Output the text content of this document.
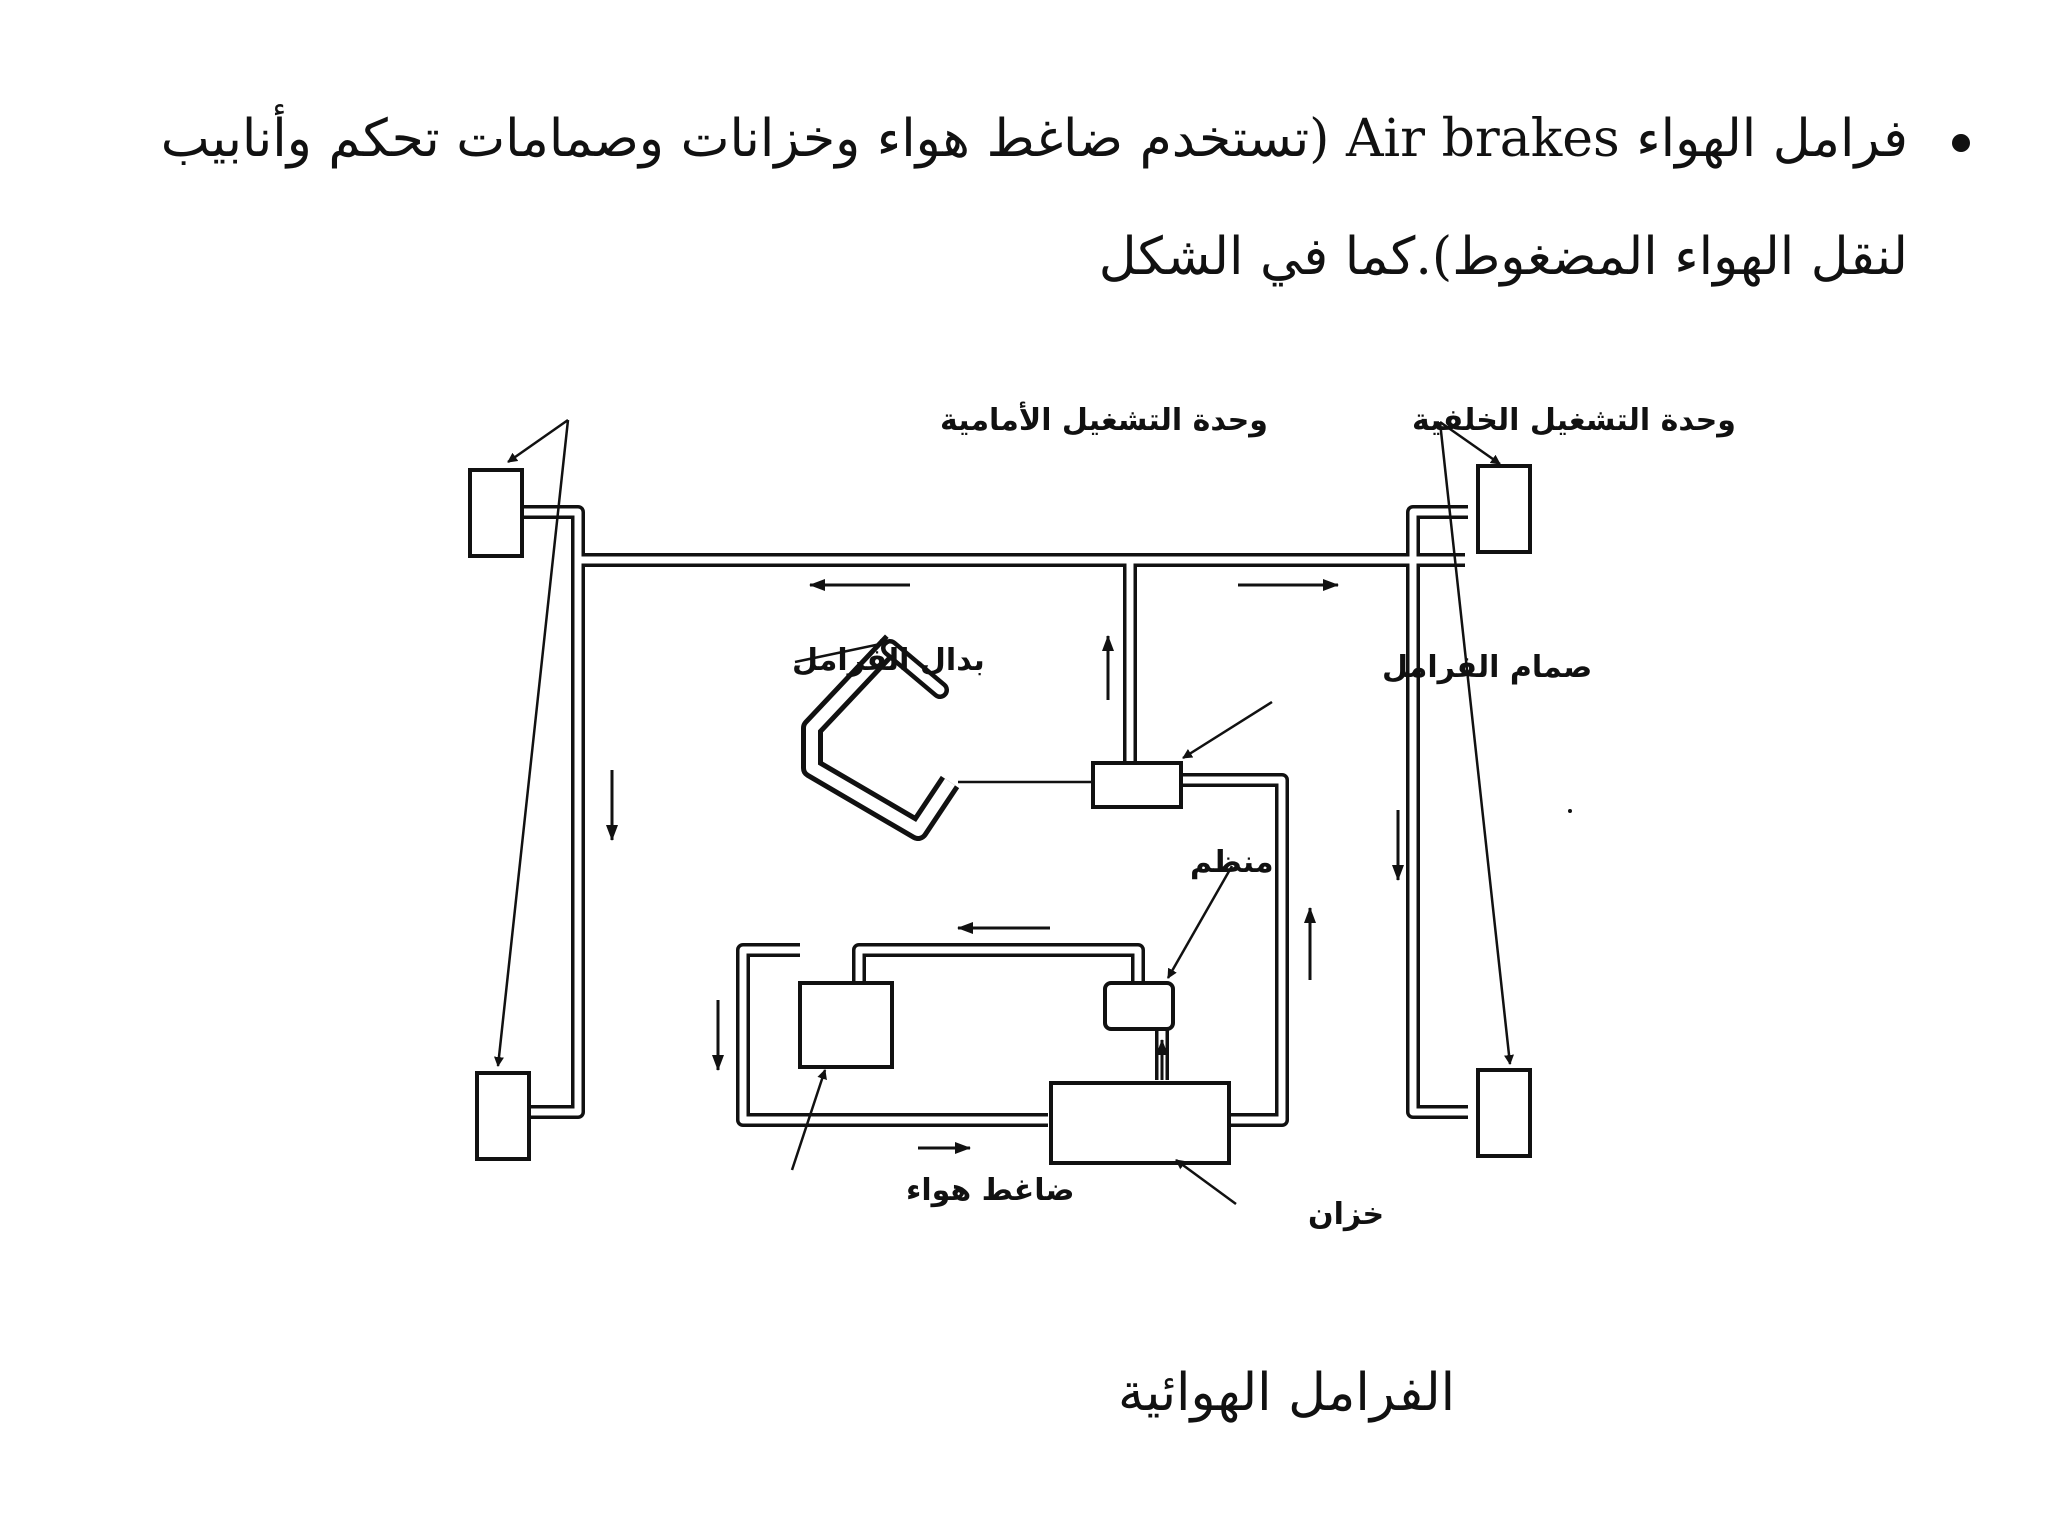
فرامل الهواء Air brakes (تستخدم ضاغط هواء وخزانات وصمامات تحكم وأنابيب
لنقل الهواء المضغوط).كما في الشكل
وحدة التشغيل الأمامية	وحدة التشغيل الخلفية
بدال الفرامل	صمام الفرامل
منظم
ضاغط هواء
خزان
الفرامل الهوائية
